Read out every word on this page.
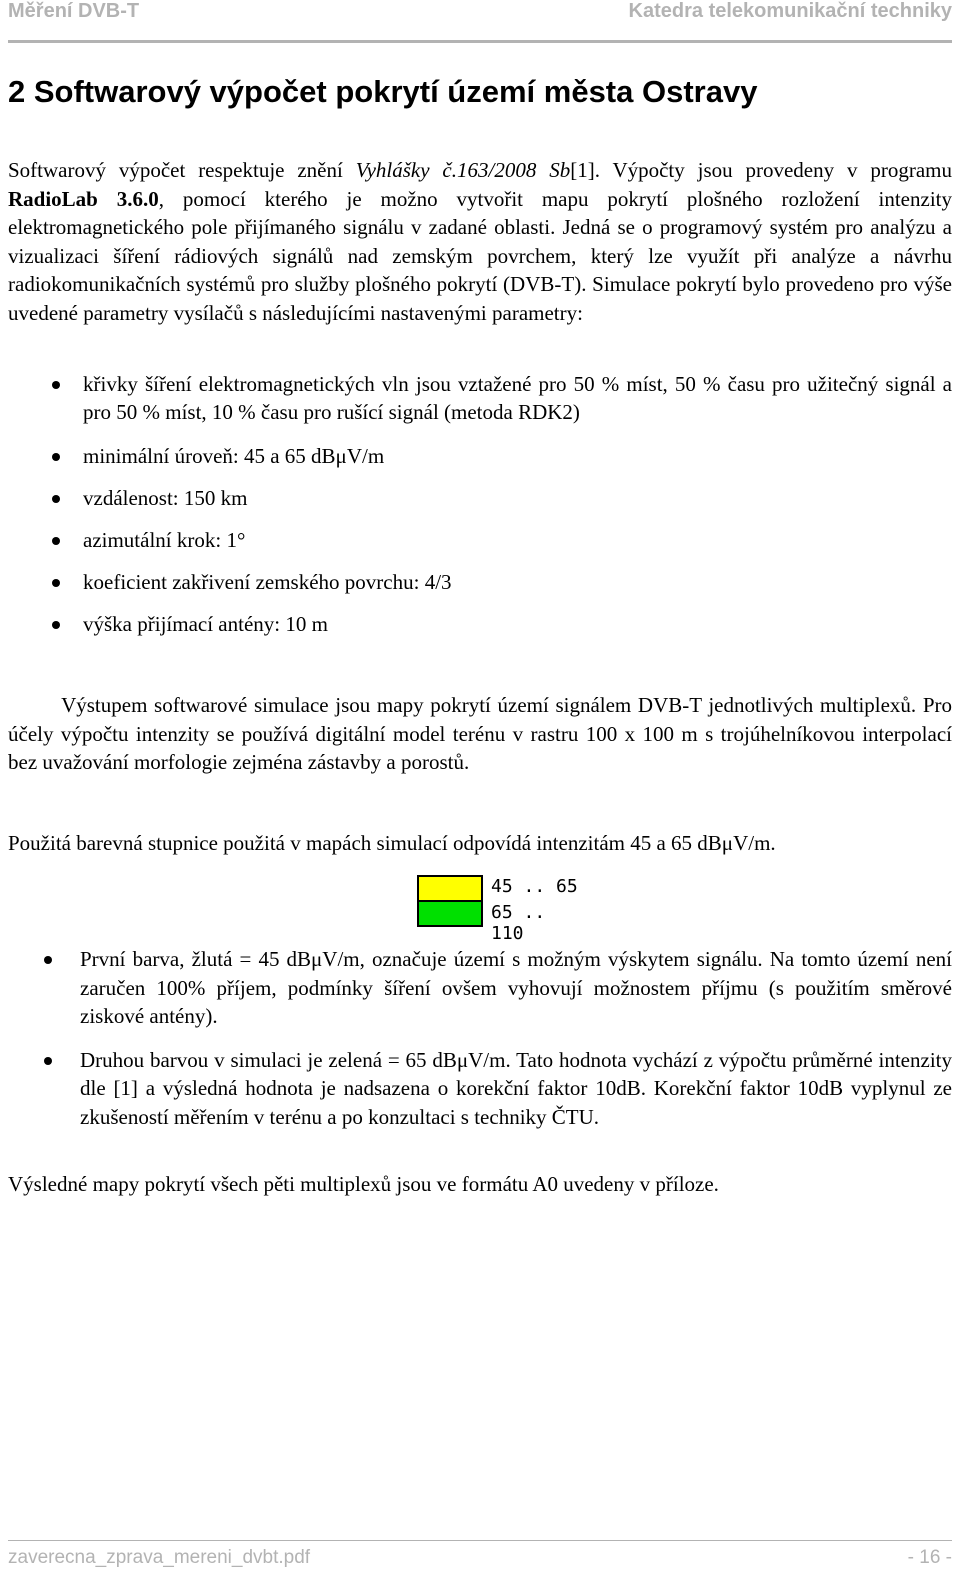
Měření DVB-T	Katedra telekomunikační techniky
2 Softwarový výpočet pokrytí území města Ostravy

Softwarový výpočet respektuje znění Vyhlášky č.163/2008 Sb[1]. Výpočty jsou provedeny v programu RadioLab 3.6.0, pomocí kterého je možno vytvořit mapu pokrytí plošného rozložení intenzity elektromagnetického pole přijímaného signálu v zadané oblasti. Jedná se o programový systém pro analýzu a vizualizaci šíření rádiových signálů nad zemským povrchem, který lze využít při analýze a návrhu radiokomunikačních systémů pro služby plošného pokrytí (DVB-T). Simulace pokrytí bylo provedeno pro výše uvedené parametry vysílačů s následujícími nastavenými parametry:

křivky šíření elektromagnetických vln jsou vztažené pro 50 % míst, 50 % času pro užitečný signál a pro 50 % míst, 10 % času pro rušící signál (metoda RDK2)
minimální úroveň: 45 a 65 dBμV/m
vzdálenost: 150 km
azimutální krok: 1°
koeficient zakřivení zemského povrchu: 4/3
výška přijímací antény: 10 m

Výstupem softwarové simulace jsou mapy pokrytí území signálem DVB-T jednotlivých multiplexů. Pro účely výpočtu intenzity se používá digitální model terénu v rastru 100 x 100 m s trojúhelníkovou interpolací bez uvažování morfologie zejména zástavby a porostů.

Použitá barevná stupnice použitá v mapách simulací odpovídá intenzitám 45 a 65 dBμV/m.

45 .. 65
65 .. 110
První barva, žlutá = 45 dBμV/m, označuje území s možným výskytem signálu. Na tomto území není zaručen 100% příjem, podmínky šíření ovšem vyhovují možnostem příjmu (s použitím směrové ziskové antény).
Druhou barvou v simulaci je zelená = 65 dBμV/m. Tato hodnota vychází z výpočtu průměrné intenzity dle [1] a výsledná hodnota je nadsazena o korekční faktor 10dB. Korekční faktor 10dB vyplynul ze zkušeností měřením v terénu a po konzultaci s techniky ČTU.

Výsledné mapy pokrytí všech pěti multiplexů jsou ve formátu A0 uvedeny v příloze.

zaverecna_zprava_mereni_dvbt.pdf	- 16 -
